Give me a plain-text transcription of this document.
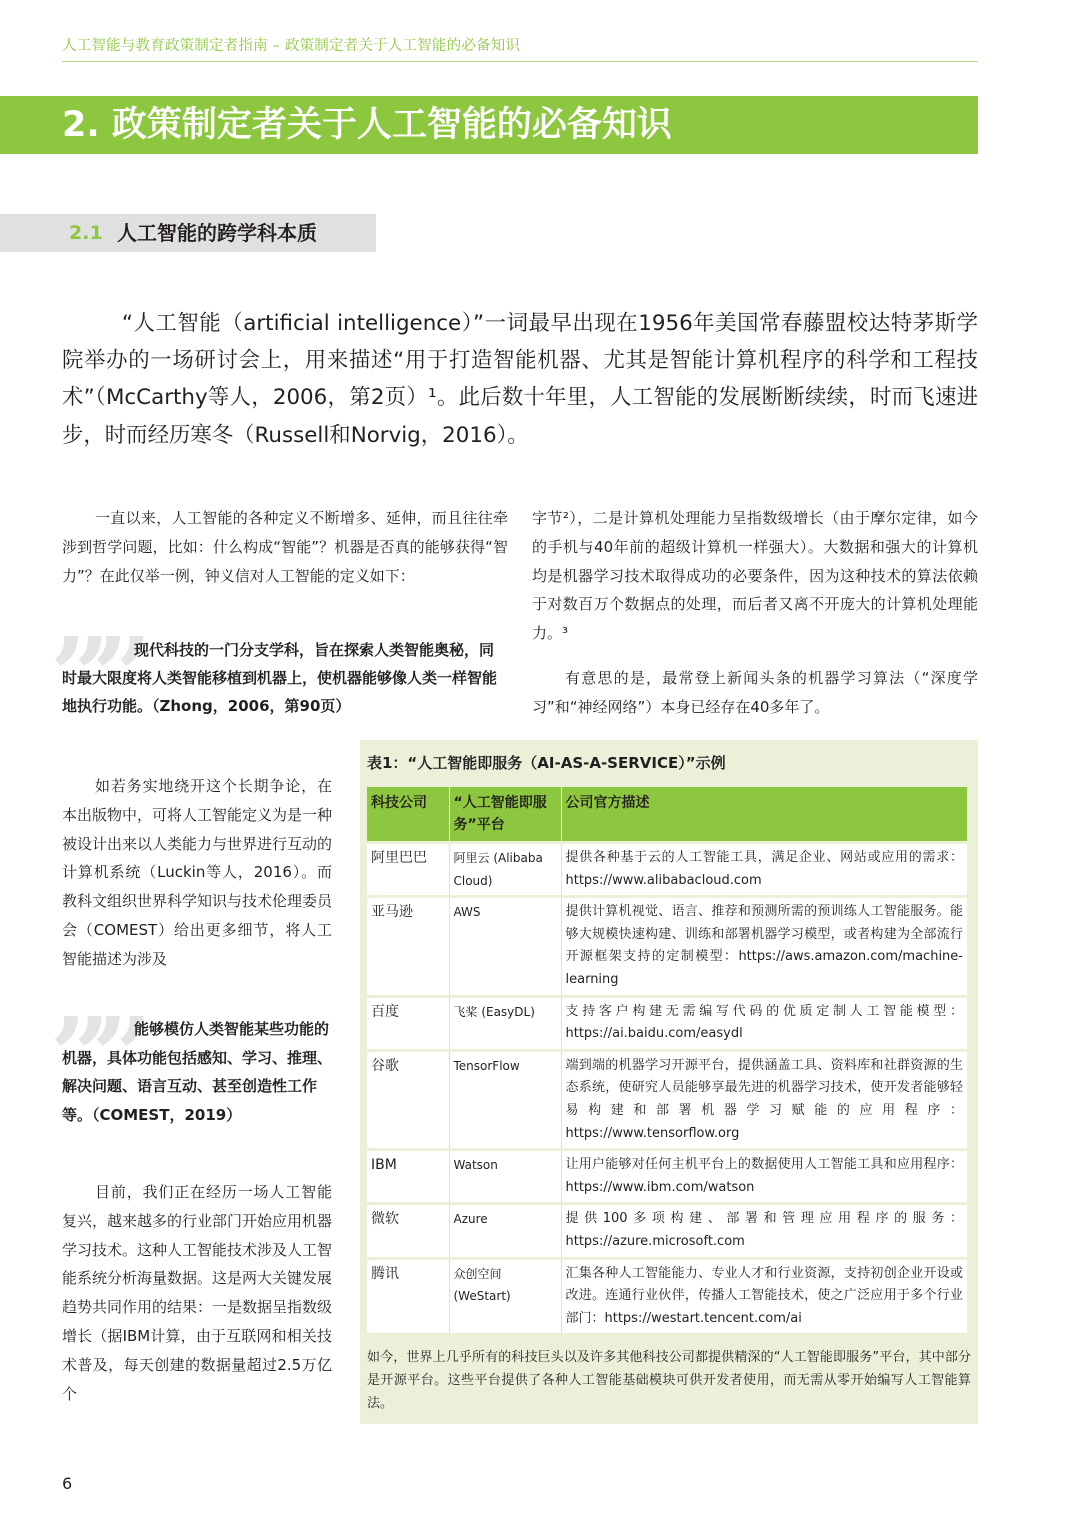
人工智能与教育政策制定者指南 – 政策制定者关于人工智能的必备知识
2. 政策制定者关于人工智能的必备知识
2.1 人工智能的跨学科本质

“人工智能（artificial intelligence）”一词最早出现在1956年美国常春藤盟校达特茅斯学院举办的一场研讨会上，用来描述“用于打造智能机器、尤其是智能计算机程序的科学和工程技术”（McCarthy等人，2006，第2页）¹。此后数十年里，人工智能的发展断断续续，时而飞速进步，时而经历寒冬（Russell和Norvig，2016）。

一直以来，人工智能的各种定义不断增多、延伸，而且往往牵涉到哲学问题，比如：什么构成“智能”？机器是否真的能够获得“智力”？在此仅举一例，钟义信对人工智能的定义如下：

”” 现代科技的一门分支学科，旨在探索人类智能奥秘，同时最大限度将人类智能移植到机器上，使机器能够像人类一样智能地执行功能。（Zhong，2006，第90页）

如若务实地绕开这个长期争论，在本出版物中，可将人工智能定义为是一种被设计出来以人类能力与世界进行互动的计算机系统（Luckin等人，2016）。而教科文组织世界科学知识与技术伦理委员会（COMEST）给出更多细节，将人工智能描述为涉及

”” 能够模仿人类智能某些功能的机器，具体功能包括感知、学习、推理、解决问题、语言互动、甚至创造性工作等。（COMEST，2019）

目前，我们正在经历一场人工智能复兴，越来越多的行业部门开始应用机器学习技术。这种人工智能技术涉及人工智能系统分析海量数据。这是两大关键发展趋势共同作用的结果：一是数据呈指数级增长（据IBM计算，由于互联网和相关技术普及，每天创建的数据量超过2.5万亿个

字节²），二是计算机处理能力呈指数级增长（由于摩尔定律，如今的手机与40年前的超级计算机一样强大）。大数据和强大的计算机均是机器学习技术取得成功的必要条件，因为这种技术的算法依赖于对数百万个数据点的处理，而后者又离不开庞大的计算机处理能力。³

有意思的是，最常登上新闻头条的机器学习算法（“深度学习”和“神经网络”）本身已经存在40多年了。

表1：“人工智能即服务（AI-AS-A-SERVICE）”示例
科技公司	“人工智能即服务”平台	公司官方描述
阿里巴巴	阿里云 (Alibaba Cloud)	提供各种基于云的人工智能工具，满足企业、网站或应用的需求：https://www.alibabacloud.com
亚马逊	AWS	提供计算机视觉、语言、推荐和预测所需的预训练人工智能服务。能够大规模快速构建、训练和部署机器学习模型，或者构建为全部流行开源框架支持的定制模型：https://aws.amazon.com/machine-learning
百度	飞桨 (EasyDL)	支持客户构建无需编写代码的优质定制人工智能模型：https://ai.baidu.com/easydl
谷歌	TensorFlow	端到端的机器学习开源平台，提供涵盖工具、资料库和社群资源的生态系统，使研究人员能够享最先进的机器学习技术，使开发者能够轻易构建和部署机器学习赋能的应用程序：https://www.tensorflow.org
IBM	Watson	让用户能够对任何主机平台上的数据使用人工智能工具和应用程序：https://www.ibm.com/watson
微软	Azure	提供100多项构建、部署和管理应用程序的服务：https://azure.microsoft.com
腾讯	众创空间 (WeStart)	汇集各种人工智能能力、专业人才和行业资源，支持初创企业开设或改进。连通行业伙伴，传播人工智能技术，使之广泛应用于多个行业部门：https://westart.tencent.com/ai
如今，世界上几乎所有的科技巨头以及许多其他科技公司都提供精深的“人工智能即服务”平台，其中部分是开源平台。这些平台提供了各种人工智能基础模块可供开发者使用，而无需从零开始编写人工智能算法。
6
